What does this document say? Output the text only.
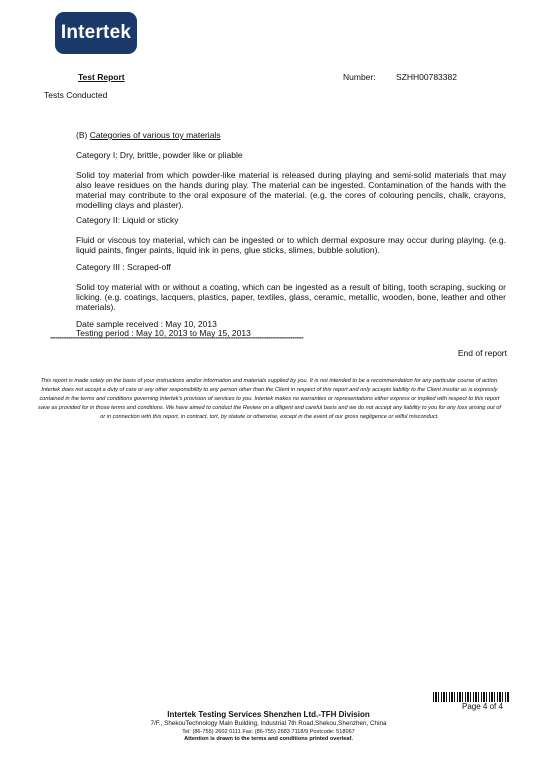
Intertek
Test Report	Number: SZHH00783382
Tests Conducted
(B) Categories of various toy materials
Category I: Dry, brittle, powder like or pliable
Solid toy material from which powder-like material is released during playing and semi-solid materials that may also leave residues on the hands during play. The material can be ingested. Contamination of the hands with the material may contribute to the oral exposure of the material. (e.g. the cores of colouring pencils, chalk, crayons, modelling clays and plaster).
Category II: Liquid or sticky
Fluid or viscous toy material, which can be ingested or to which dermal exposure may occur during playing. (e.g. liquid paints, finger paints, liquid ink in pens, glue sticks, slimes, bubble solution).
Category III : Scraped-off
Solid toy material with or without a coating, which can be ingested as a result of biting, tooth scraping, sucking or licking. (e.g. coatings, lacquers, plastics, paper, textiles, glass, ceramic, metallic, wooden, bone, leather and other materials).
Date sample received : May 10, 2013
Testing period : May 10, 2013 to May 15, 2013
******************************************************************************************************************************************
End of report
This report is made solely on the basis of your instructions and/or information and materials supplied by you. It is not intended to be a recommendation for any particular course of action. Intertek does not accept a duty of care or any other responsibility to any person other than the Client in respect of this report and only accepts liability to the Client insofar as is expressly contained in the terms and conditions governing Intertek's provision of services to you. Intertek makes no warranties or representations either express or implied with respect to this report save as provided for in those terms and conditions. We have aimed to conduct the Review on a diligent and careful basis and we do not accept any liability to you for any loss arising out of or in connection with this report, in contract, tort, by statute or otherwise, except in the event of our gross negligence or wilful misconduct.
Page 4 of 4
Intertek Testing Services Shenzhen Ltd.-TFH Division
7/F., ShekouTechnology Main Building, Industrial 7th Road,Shekou,Shenzhen, China
Tel: (86-755) 2602 0111 Fax: (86-755) 2683 7118/9 Postcode: 518067
Attention is drawn to the terms and conditions printed overleaf.
